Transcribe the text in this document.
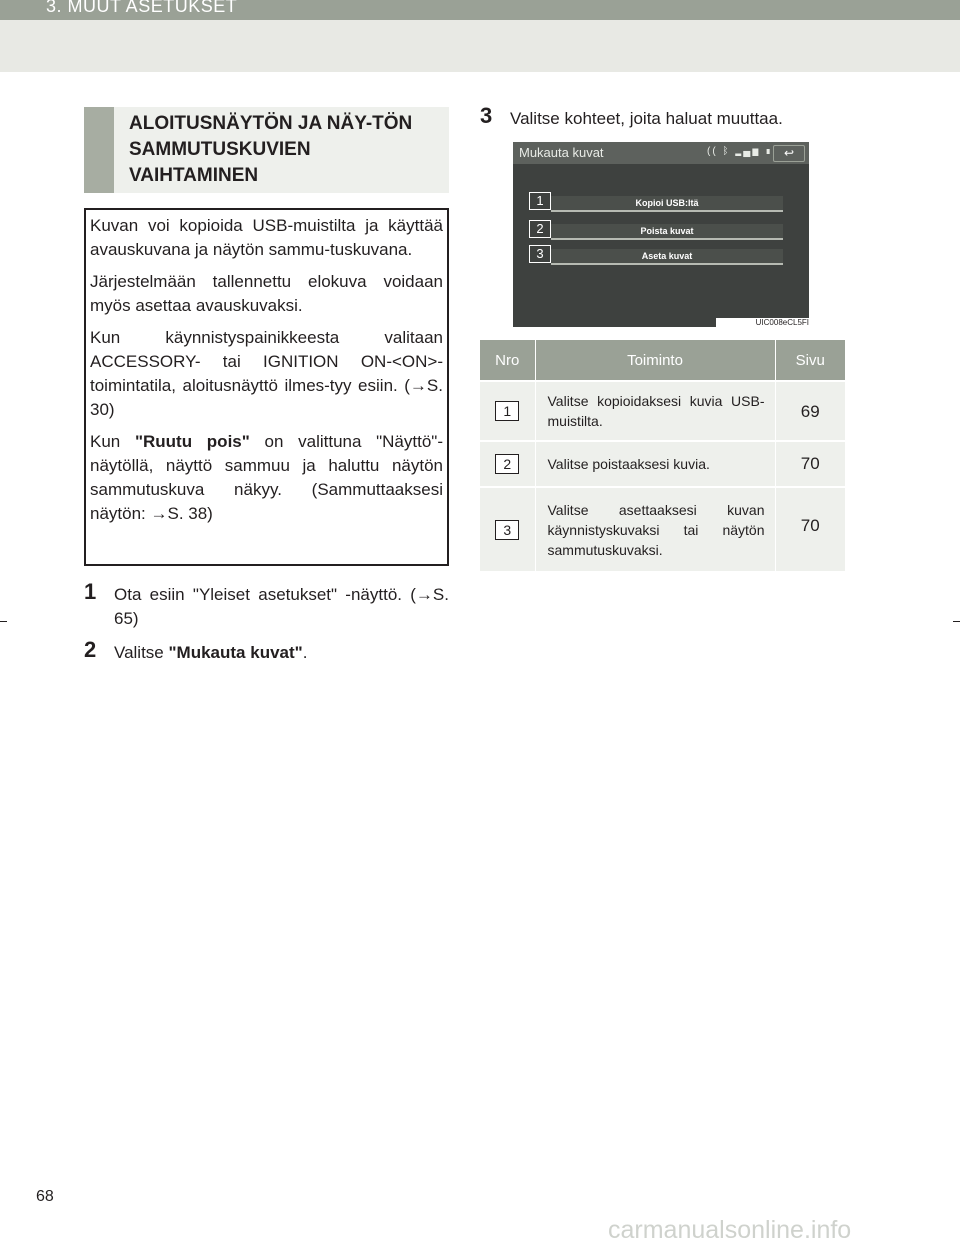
3. MUUT ASETUKSET
ALOITUSNÄYTÖN JA NÄY-TÖN SAMMUTUSKUVIEN VAIHTAMINEN

Kuvan voi kopioida USB-muistilta ja käyttää avauskuvana ja näytön sammu-tuskuvana.

Järjestelmään tallennettu elokuva voidaan myös asettaa avauskuvaksi.

Kun käynnistyspainikkeesta valitaan ACCESSORY- tai IGNITION ON-<ON>-toimintatila, aloitusnäyttö ilmes-tyy esiin. (→S. 30)

Kun "Ruutu pois" on valittuna "Näyttö"-näytöllä, näyttö sammuu ja haluttu näytön sammutuskuva näkyy. (Sammuttaaksesi näytön: →S. 38)

1 Ota esiin "Yleiset asetukset" -näyttö. (→S. 65)
2 Valitse "Mukauta kuvat".
3 Valitse kohteet, joita haluat muuttaa.
Mukauta kuvat	(( ᛒ ▂▄▆ ▮ ↩
1	Kopioi USB:ltä
2	Poista kuvat
3	Aseta kuvat
UIC008eCL5FI
Nro	Toiminto	Sivu
1	Valitse kopioidaksesi kuvia USB-muistilta.	69
2	Valitse poistaaksesi kuvia.	70
3	Valitse asettaaksesi kuvan käynnistyskuvaksi tai näytön sammutuskuvaksi.	70
68
carmanualsonline.info
